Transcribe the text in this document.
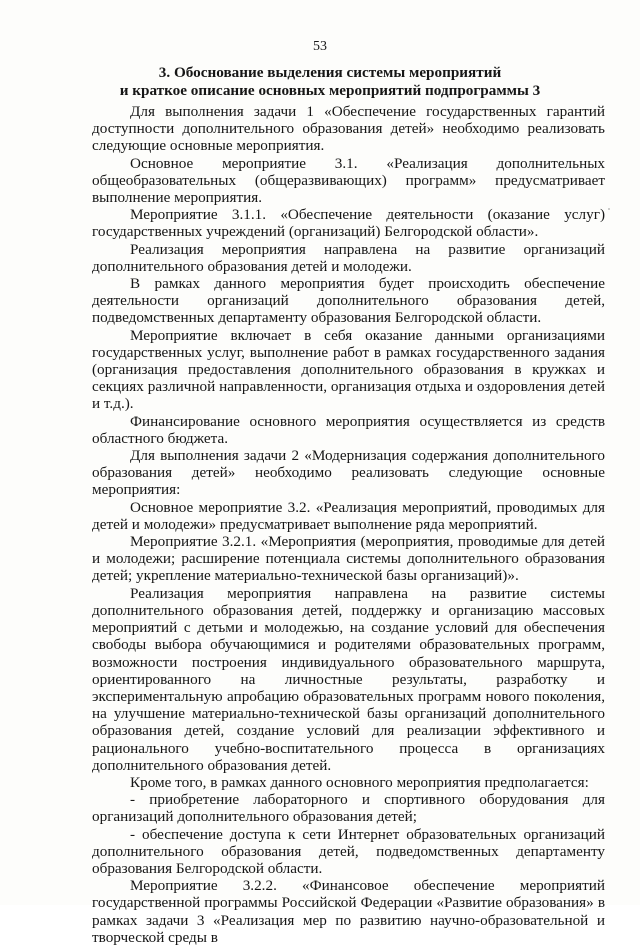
53
3. Обоснование выделения системы мероприятий
и краткое описание основных мероприятий подпрограммы 3

Для выполнения задачи 1 «Обеспечение государственных гарантий доступности дополнительного образования детей» необходимо реализовать следующие основные мероприятия.

Основное мероприятие 3.1. «Реализация дополнительных общеобразовательных (общеразвивающих) программ» предусматривает выполнение мероприятия.

Мероприятие 3.1.1. «Обеспечение деятельности (оказание услуг) государственных учреждений (организаций) Белгородской области».

Реализация мероприятия направлена на развитие организаций дополнительного образования детей и молодежи.

В рамках данного мероприятия будет происходить обеспечение деятельности организаций дополнительного образования детей, подведомственных департаменту образования Белгородской области.

Мероприятие включает в себя оказание данными организациями государственных услуг, выполнение работ в рамках государственного задания (организация предоставления дополнительного образования в кружках и секциях различной направленности, организация отдыха и оздоровления детей и т.д.).

Финансирование основного мероприятия осуществляется из средств областного бюджета.

Для выполнения задачи 2 «Модернизация содержания дополнительного образования детей» необходимо реализовать следующие основные мероприятия:

Основное мероприятие 3.2. «Реализация мероприятий, проводимых для детей и молодежи» предусматривает выполнение ряда мероприятий.

Мероприятие 3.2.1. «Мероприятия (мероприятия, проводимые для детей и молодежи; расширение потенциала системы дополнительного образования детей; укрепление материально-технической базы организаций)».

Реализация мероприятия направлена на развитие системы дополнительного образования детей, поддержку и организацию массовых мероприятий с детьми и молодежью, на создание условий для обеспечения свободы выбора обучающимися и родителями образовательных программ, возможности построения индивидуального образовательного маршрута, ориентированного на личностные результаты, разработку и экспериментальную апробацию образовательных программ нового поколения, на улучшение материально-технической базы организаций дополнительного образования детей, создание условий для реализации эффективного и рационального учебно-воспитательного процесса в организациях дополнительного образования детей.

Кроме того, в рамках данного основного мероприятия предполагается:

- приобретение лабораторного и спортивного оборудования для организаций дополнительного образования детей;

- обеспечение доступа к сети Интернет образовательных организаций дополнительного образования детей, подведомственных департаменту образования Белгородской области.

Мероприятие 3.2.2. «Финансовое обеспечение мероприятий государственной программы Российской Федерации «Развитие образования» в рамках задачи 3 «Реализация мер по развитию научно-образовательной и творческой среды в
